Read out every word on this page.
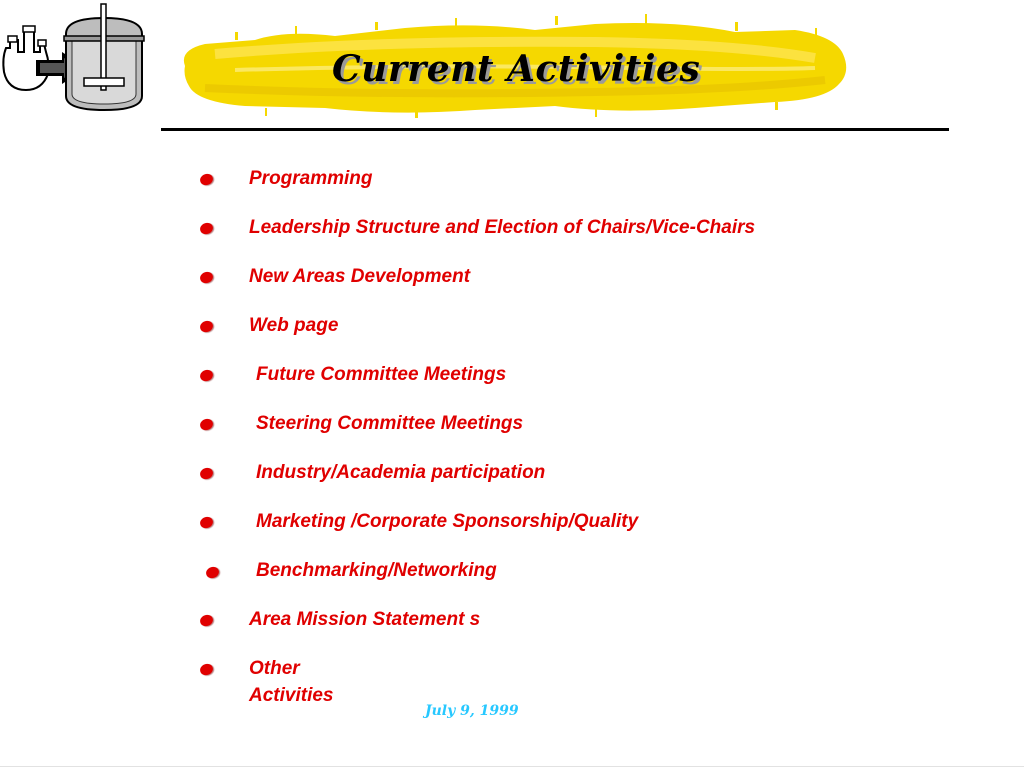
Current Activities
Programming
Leadership Structure and Election of Chairs/Vice-Chairs
New Areas Development
Web page
Future Committee Meetings
Steering Committee Meetings
Industry/Academia participation
Marketing /Corporate Sponsorship/Quality
Benchmarking/Networking
Area Mission Statement s
Other
Activities
July 9, 1999
